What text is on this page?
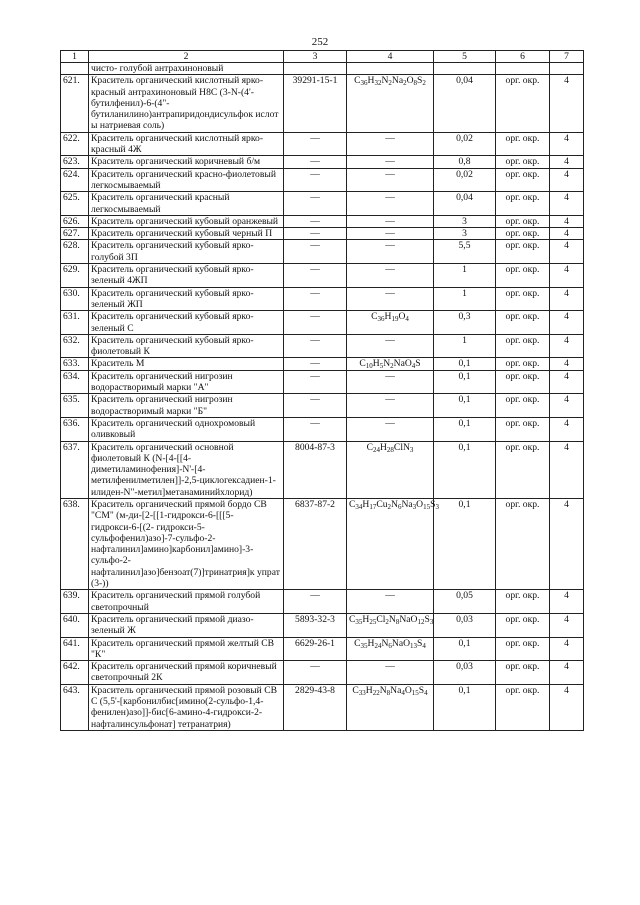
252
1	2	3	4	5	6	7
	чисто- голубой антрахиноновый					
621.	Краситель органический кислотный ярко- красный антрахиноновый Н8С (3-N-(4'-бутилфенил)-6-(4"-бутиланилино)антрапиридондисульфок ислот ы натриевая соль)	39291-15-1	$C_{36}H_{32}N_2Na_2O_8S_2$	0,04	орг. окр.	4
622.	Краситель органический кислотный ярко- красный 4Ж	—	—	0,02	орг. окр.	4
623.	Краситель органический коричневый б/м	—	—	0,8	орг. окр.	4
624.	Краситель органический красно-фиолетовый легкосмываемый	—	—	0,02	орг. окр.	4
625.	Краситель органический красный легкосмываемый	—	—	0,04	орг. окр.	4
626.	Краситель органический кубовый оранжевый	—	—	3	орг. окр.	4
627.	Краситель органический кубовый черный П	—	—	3	орг. окр.	4
628.	Краситель органический кубовый ярко-голубой 3П	—	—	5,5	орг. окр.	4
629.	Краситель органический кубовый ярко-зеленый 4ЖП	—	—	1	орг. окр.	4
630.	Краситель органический кубовый ярко-зеленый ЖП	—	—	1	орг. окр.	4
631.	Краситель органический кубовый ярко-зеленый С	—	$C_{36}H_{19}O_4$	0,3	орг. окр.	4
632.	Краситель органический кубовый ярко-фиолетовый К	—	—	1	орг. окр.	4
633.	Краситель М	—	$C_{10}H_5N_2NaO_4S$	0,1	орг. окр.	4
634.	Краситель органический нигрозин водорастворимый марки "А"	—	—	0,1	орг. окр.	4
635.	Краситель органический нигрозин водорастворимый марки "Б"	—	—	0,1	орг. окр.	4
636.	Краситель органический однохромовый оливковый	—	—	0,1	орг. окр.	4
637.	Краситель органический основной фиолетовый К (N-[4-[[4-диметиламинофения]-N'-[4-метилфенилметилен]]-2,5-циклогексадиен-1- илиден-N"-метил]метанаминийхлорид)	8004-87-3	$C_{24}H_{28}ClN_3$	0,1	орг. окр.	4
638.	Краситель органический прямой бордо СВ "СМ" (м-ди-[2-[[1-гидрокси-6-[[[5-гидрокси-6-[(2- гидрокси-5-сульфофенил)азо]-7-сульфо-2-нафталинил]амино]карбонил]амино]-3-сульфо-2-нафталинил]азо]бензоат(7)]тринатрия]к упрат (3-))	6837-87-2	$C_{34}H_{17}Cu_2N_6Na_3O_{15}S_3$	0,1	орг. окр.	4
639.	Краситель органический прямой голубой светопрочный	—	—	0,05	орг. окр.	4
640.	Краситель органический прямой диазо-зеленый Ж	5893-32-3	$C_{35}H_{25}Cl_2N_8NaO_{12}S_3$	0,03	орг. окр.	4
641.	Краситель органический прямой желтый СВ "К"	6629-26-1	$C_{35}H_{24}N_6NaO_{13}S_4$	0,1	орг. окр.	4
642.	Краситель органический прямой коричневый светопрочный 2К	—	—	0,03	орг. окр.	4
643.	Краситель органический прямой розовый СВ С (5,5'-[карбонилбис[имино(2-сульфо-1,4-фенилен)азо]]-бис[6-амино-4-гидрокси-2- нафталинсульфонат] тетранатрия)	2829-43-8	$C_{33}H_{22}N_8Na_4O_{15}S_4$	0,1	орг. окр.	4
